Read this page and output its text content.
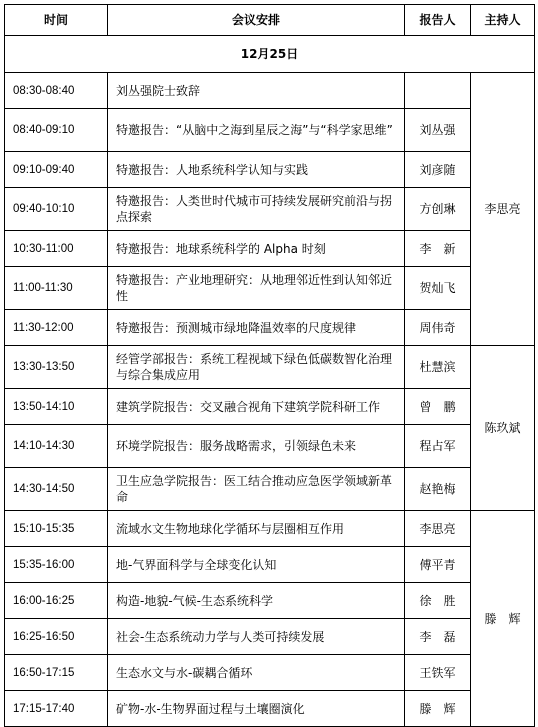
时间	会议安排	报告人	主持人
12月25日			
08:30-08:40	刘丛强院士致辞		李思亮
08:40-09:10	特邀报告：“从脑中之海到星辰之海”与“科学家思维”	刘丛强	
09:10-09:40	特邀报告：人地系统科学认知与实践	刘彦随	
09:40-10:10	特邀报告：人类世时代城市可持续发展研究前沿与拐点探索	方创琳	
10:30-11:00	特邀报告：地球系统科学的 Alpha 时刻	李　新	
11:00-11:30	特邀报告：产业地理研究：从地理邻近性到认知邻近性	贺灿飞	
11:30-12:00	特邀报告：预测城市绿地降温效率的尺度规律	周伟奇	
13:30-13:50	经管学部报告：系统工程视域下绿色低碳数智化治理与综合集成应用	杜慧滨	陈玖斌
13:50-14:10	建筑学院报告：交叉融合视角下建筑学院科研工作	曾　鹏	
14:10-14:30	环境学院报告：服务战略需求，引领绿色未来	程占军	
14:30-14:50	卫生应急学院报告：医工结合推动应急医学领域新革命	赵艳梅	
15:10-15:35	流域水文生物地球化学循环与层圈相互作用	李思亮	滕　辉
15:35-16:00	地-气界面科学与全球变化认知	傅平青	
16:00-16:25	构造-地貌-气候-生态系统科学	徐　胜	
16:25-16:50	社会-生态系统动力学与人类可持续发展	李　磊	
16:50-17:15	生态水文与水-碳耦合循环	王铁军	
17:15-17:40	矿物-水-生物界面过程与土壤圈演化	滕　辉	
